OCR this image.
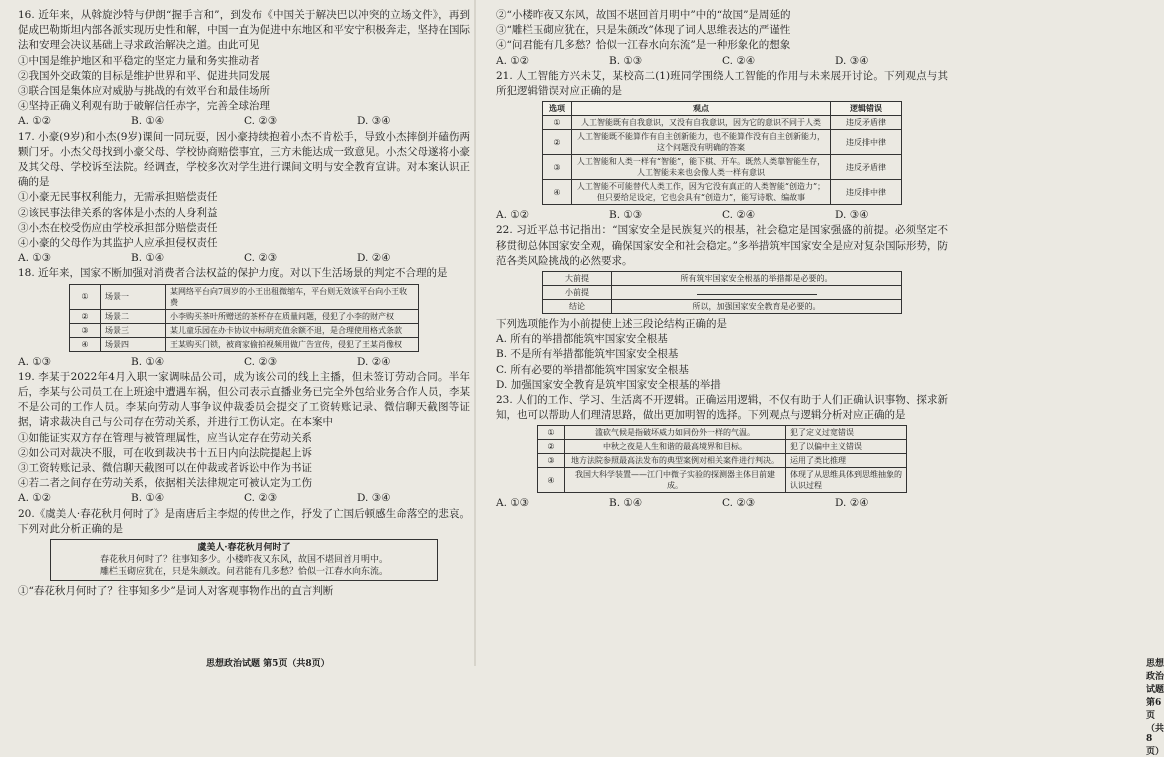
16. 近年来，从斡旋沙特与伊朗“握手言和”，到发布《中国关于解决巴以冲突的立场文件》，再到促成巴勒斯坦内部各派实现历史性和解，中国一直为促进中东地区和平安宁积极奔走，坚持在国际法和安理会决议基础上寻求政治解决之道。由此可见

①中国是维护地区和平稳定的坚定力量和务实推动者

②我国外交政策的目标是维护世界和平、促进共同发展

③联合国是集体应对威胁与挑战的有效平台和最佳场所

④坚持正确义利观有助于破解信任赤字，完善全球治理

A. ①②	B. ①④	C. ②③	D. ③④

17. 小豪(9岁)和小杰(9岁)课间一同玩耍，因小豪持续抱着小杰不肯松手，导致小杰摔倒并磕伤两颗门牙。小杰父母找到小豪父母、学校协商赔偿事宜，三方未能达成一致意见。小杰父母遂将小豪及其父母、学校诉至法院。经调查，学校多次对学生进行课间文明与安全教育宣讲。对本案认识正确的是

①小豪无民事权利能力，无需承担赔偿责任

②该民事法律关系的客体是小杰的人身利益

③小杰在校受伤应由学校承担部分赔偿责任

④小豪的父母作为其监护人应承担侵权责任

A. ①③	B. ①④	C. ②③	D. ②④

18. 近年来，国家不断加强对消费者合法权益的保护力度。对以下生活场景的判定不合理的是

①	场景一	某网络平台向7周岁的小王出租微缩车，平台则无效该平台向小王收费
②	场景二	小李购买茶叶所赠送的茶杯存在质量问题，侵犯了小李的财产权
③	场景三	某儿童乐园在办卡协议中标明充值余额不退，是合理使用格式条款
④	场景四	王某购买门锁，被商家偷拍视频用做广告宣传，侵犯了王某肖像权
A. ①③	B. ①④	C. ②③	D. ②④

19. 李某于2022年4月入职一家调味品公司，成为该公司的线上主播，但未签订劳动合同。半年后，李某与公司员工在上班途中遭遇车祸，但公司表示直播业务已完全外包给业务合作人员，李某不是公司的工作人员。李某向劳动人事争议仲裁委员会提交了工资转账记录、微信聊天截图等证据，请求裁决自己与公司存在劳动关系，并进行工伤认定。在本案中

①如能证实双方存在管理与被管理属性，应当认定存在劳动关系

②如公司对裁决不服，可在收到裁决书十五日内向法院提起上诉

③工资转账记录、微信聊天截图可以在仲裁或者诉讼中作为书证

④若二者之间存在劳动关系，依据相关法律规定可被认定为工伤

A. ①②	B. ①④	C. ②③	D. ③④

20.《虞美人·春花秋月何时了》是南唐后主李煜的传世之作，抒发了亡国后顿感生命落空的悲哀。下列对此分析正确的是

虞美人·春花秋月何时了

春花秋月何时了？往事知多少。小楼昨夜又东风，故国不堪回首月明中。

雕栏玉砌应犹在，只是朱颜改。问君能有几多愁？恰似一江春水向东流。

①“春花秋月何时了？往事知多少”是词人对客观事物作出的直言判断

思想政治试题 第5页（共8页）

②“小楼昨夜又东风，故国不堪回首月明中”中的“故国”是周延的

③“雕栏玉砌应犹在，只是朱颜改”体现了词人思维表达的严谨性

④“问君能有几多愁？恰似一江春水向东流”是一种形象化的想象

A. ①②	B. ①③	C. ②④	D. ③④

21. 人工智能方兴未艾，某校高二(1)班同学围绕人工智能的作用与未来展开讨论。下列观点与其所犯逻辑错误对应正确的是

选项	观点	逻辑错误
①	人工智能既有自我意识，又没有自我意识，因为它的意识不同于人类	违反矛盾律
②	人工智能既不能算作有自主创新能力，也不能算作没有自主创新能力，这个问题没有明确的答案	违反排中律
③	人工智能和人类一样有“智能”，能下棋、开车。既然人类靠智能生存，人工智能未来也会像人类一样有意识	违反矛盾律
④	人工智能不可能替代人类工作，因为它没有真正的人类智能“创造力”；但只要给足设定，它也会具有“创造力”，能写诗歌、编故事	违反排中律
A. ①②	B. ①③	C. ②④	D. ③④

22. 习近平总书记指出：“国家安全是民族复兴的根基，社会稳定是国家强盛的前提。必须坚定不移贯彻总体国家安全观，确保国家安全和社会稳定。”多举措筑牢国家安全是应对复杂国际形势，防范各类风险挑战的必然要求。

大前提	所有筑牢国家安全根基的举措都是必要的。
小前提	
结论	所以，加强国家安全教育是必要的。

下列选项能作为小前提使上述三段论结构正确的是

A. 所有的举措都能筑牢国家安全根基

B. 不是所有举措都能筑牢国家安全根基

C. 所有必要的举措都能筑牢国家安全根基

D. 加强国家安全教育是筑牢国家安全根基的举措

23. 人们的工作、学习、生活离不开逻辑。正确运用逻辑，不仅有助于人们正确认识事物、探求新知，也可以帮助人们理清思路，做出更加明智的选择。下列观点与逻辑分析对应正确的是

①	滥砍气候是指破坏威力如同份外一样的气温。	犯了定义过宽错误
②	中秋之夜是人生和谐的最高境界和目标。	犯了以偏中主义错误
③	地方法院参照最高法发布的典型案例对相关案件进行判决。	运用了类比推理
④	我国大科学装置——江门中微子实验的探测器主体目前建成。	体现了从思维具体到思维抽象的认识过程
A. ①③	B. ①④	C. ②③	D. ②④
思想政治试题 第6页（共8页）
